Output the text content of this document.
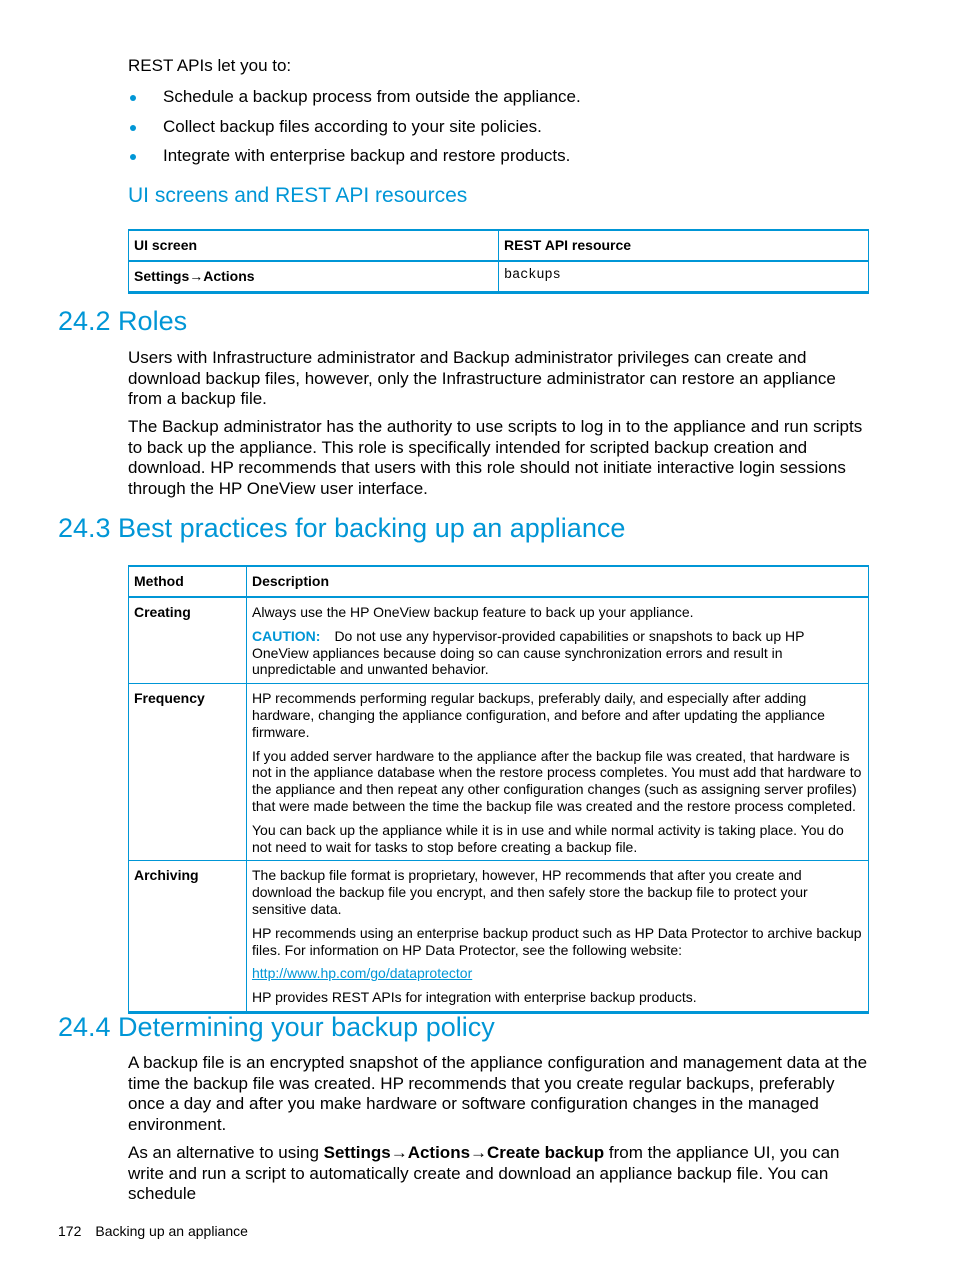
REST APIs let you to:
Schedule a backup process from outside the appliance.
Collect backup files according to your site policies.
Integrate with enterprise backup and restore products.
UI screens and REST API resources
UI screen	REST API resource
Settings→Actions	backups
24.2 Roles

Users with Infrastructure administrator and Backup administrator privileges can create and download backup files, however, only the Infrastructure administrator can restore an appliance from a backup file.

The Backup administrator has the authority to use scripts to log in to the appliance and run scripts to back up the appliance. This role is specifically intended for scripted backup creation and download. HP recommends that users with this role should not initiate interactive login sessions through the HP OneView user interface.

24.3 Best practices for backing up an appliance
Method	Description
Creating	Always use the HP OneView backup feature to back up your appliance.

CAUTION: Do not use any hypervisor-provided capabilities or snapshots to back up HP OneView appliances because doing so can cause synchronization errors and result in unpredictable and unwanted behavior.

Frequency	HP recommends performing regular backups, preferably daily, and especially after adding hardware, changing the appliance configuration, and before and after updating the appliance firmware.

If you added server hardware to the appliance after the backup file was created, that hardware is not in the appliance database when the restore process completes. You must add that hardware to the appliance and then repeat any other configuration changes (such as assigning server profiles) that were made between the time the backup file was created and the restore process completed.

You can back up the appliance while it is in use and while normal activity is taking place. You do not need to wait for tasks to stop before creating a backup file.

Archiving	The backup file format is proprietary, however, HP recommends that after you create and download the backup file you encrypt, and then safely store the backup file to protect your sensitive data.

HP recommends using an enterprise backup product such as HP Data Protector to archive backup files. For information on HP Data Protector, see the following website:

http://www.hp.com/go/dataprotector

HP provides REST APIs for integration with enterprise backup products.

24.4 Determining your backup policy

A backup file is an encrypted snapshot of the appliance configuration and management data at the time the backup file was created. HP recommends that you create regular backups, preferably once a day and after you make hardware or software configuration changes in the managed environment.

As an alternative to using Settings→Actions→Create backup from the appliance UI, you can write and run a script to automatically create and download an appliance backup file. You can schedule

172 Backing up an appliance
